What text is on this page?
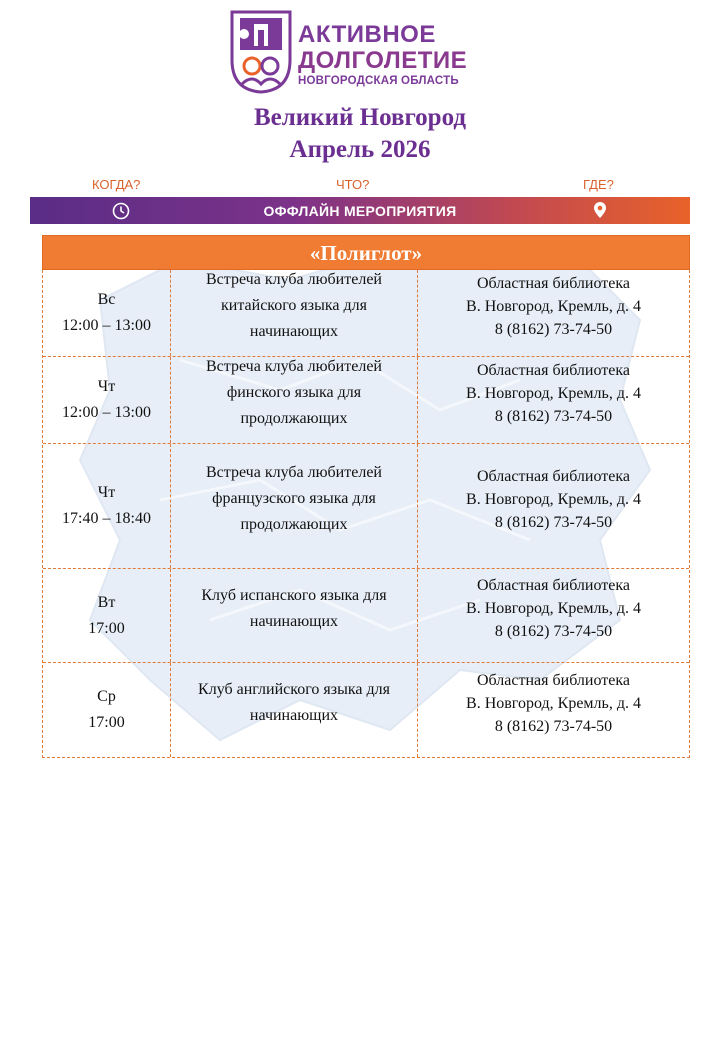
АКТИВНОЕ
ДОЛГОЛЕТИЕ
НОВГОРОДСКАЯ ОБЛАСТЬ
Великий Новгород
Апрель 2026
КОГДА?	ЧТО?	ГДЕ?
ОФФЛАЙН МЕРОПРИЯТИЯ
«Полиглот»
Вс
12:00 – 13:00
Встреча клуба любителей
китайского языка для
начинающих
Областная библиотека
В. Новгород, Кремль, д. 4
8 (8162) 73-74-50
Чт
12:00 – 13:00
Встреча клуба любителей
финского языка для
продолжающих
Областная библиотека
В. Новгород, Кремль, д. 4
8 (8162) 73-74-50
Чт
17:40 – 18:40
Встреча клуба любителей
французского языка для
продолжающих
Областная библиотека
В. Новгород, Кремль, д. 4
8 (8162) 73-74-50
Вт
17:00
Клуб испанского языка для
начинающих
Областная библиотека
В. Новгород, Кремль, д. 4
8 (8162) 73-74-50
Ср
17:00
Клуб английского языка для
начинающих
Областная библиотека
В. Новгород, Кремль, д. 4
8 (8162) 73-74-50
